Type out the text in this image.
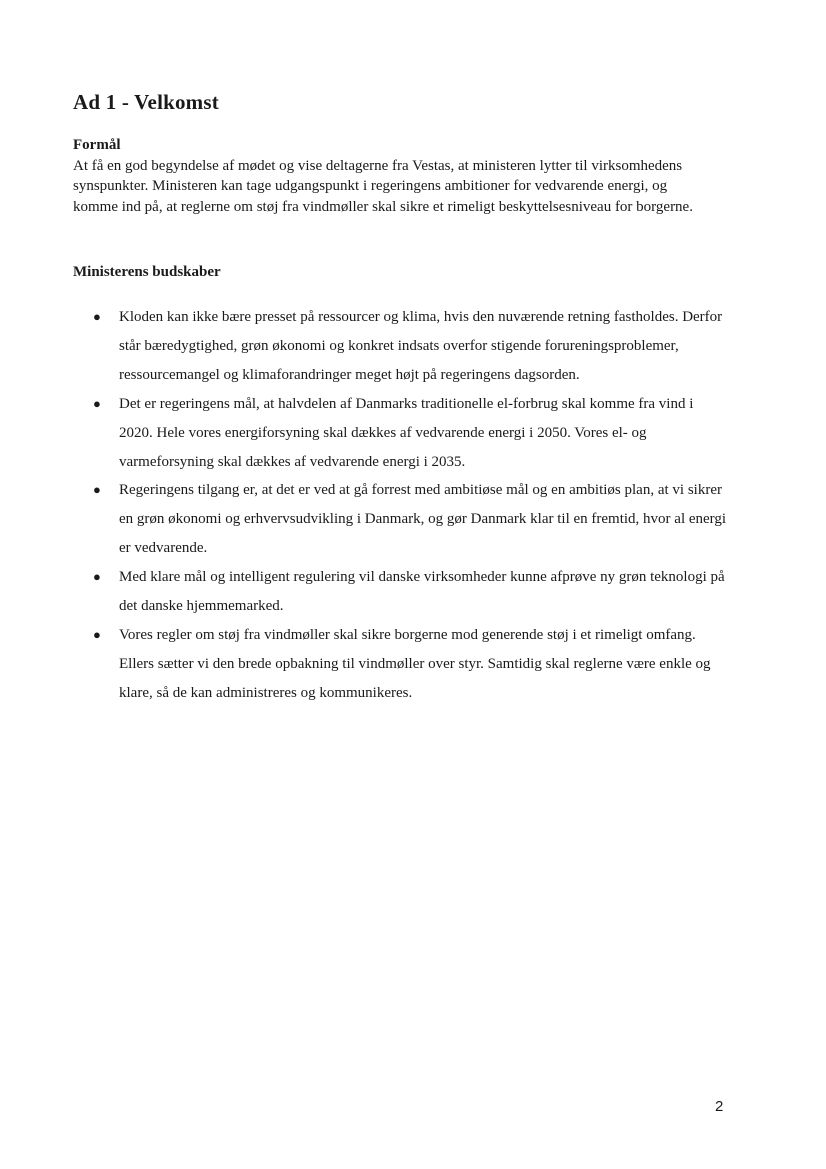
Ad 1 - Velkomst
Formål
At få en god begyndelse af mødet og vise deltagerne fra Vestas, at ministeren lytter til virksomhedens synspunkter. Ministeren kan tage udgangspunkt i regeringens ambitioner for vedvarende energi, og komme ind på, at reglerne om støj fra vindmøller skal sikre et rimeligt beskyttelsesniveau for borgerne.
Ministerens budskaber
● Kloden kan ikke bære presset på ressourcer og klima, hvis den nuværende retning fastholdes. Derfor står bæredygtighed, grøn økonomi og konkret indsats overfor stigende forureningsproblemer, ressourcemangel og klimaforandringer meget højt på regeringens dagsorden.
● Det er regeringens mål, at halvdelen af Danmarks traditionelle el-forbrug skal komme fra vind i 2020. Hele vores energiforsyning skal dækkes af vedvarende energi i 2050. Vores el- og varmeforsyning skal dækkes af vedvarende energi i 2035.
● Regeringens tilgang er, at det er ved at gå forrest med ambitiøse mål og en ambitiøs plan, at vi sikrer en grøn økonomi og erhvervsudvikling i Danmark, og gør Danmark klar til en fremtid, hvor al energi er vedvarende.
● Med klare mål og intelligent regulering vil danske virksomheder kunne afprøve ny grøn teknologi på det danske hjemmemarked.
● Vores regler om støj fra vindmøller skal sikre borgerne mod generende støj i et rimeligt omfang. Ellers sætter vi den brede opbakning til vindmøller over styr. Samtidig skal reglerne være enkle og klare, så de kan administreres og kommunikeres.
2
